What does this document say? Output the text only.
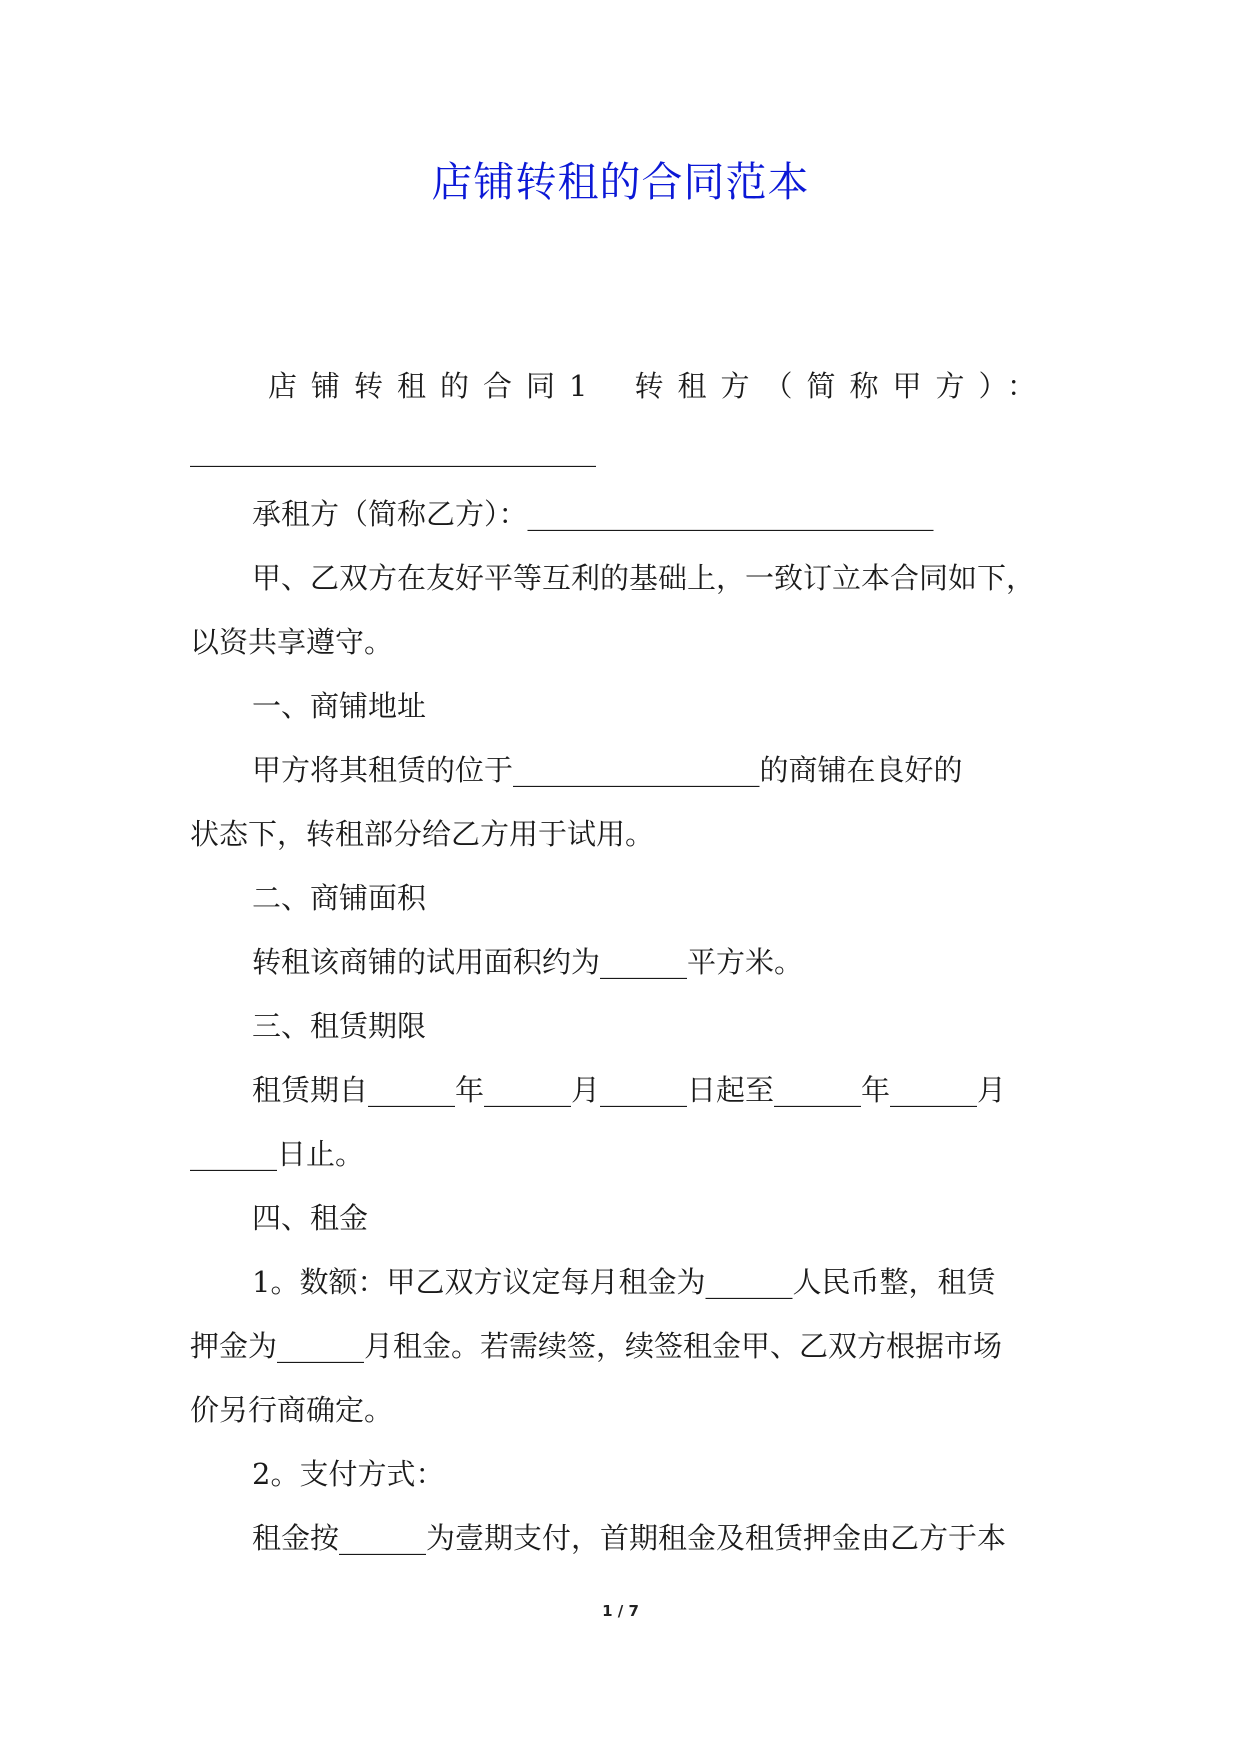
店铺转租的合同范本
店铺转租的合同1 转租方（简称甲方）：
____________________________
承租方（简称乙方）：____________________________
甲、乙双方在友好平等互利的基础上，一致订立本合同如下，
以资共享遵守。
一、商铺地址
甲方将其租赁的位于_________________的商铺在良好的
状态下，转租部分给乙方用于试用。
二、商铺面积
转租该商铺的试用面积约为______平方米。
三、租赁期限
租赁期自______年______月______日起至______年______月
______日止。
四、租金
1。数额：甲乙双方议定每月租金为______人民币整，租赁
押金为______月租金。若需续签，续签租金甲、乙双方根据市场
价另行商确定。
2。支付方式：
租金按______为壹期支付，首期租金及租赁押金由乙方于本
1 / 7
